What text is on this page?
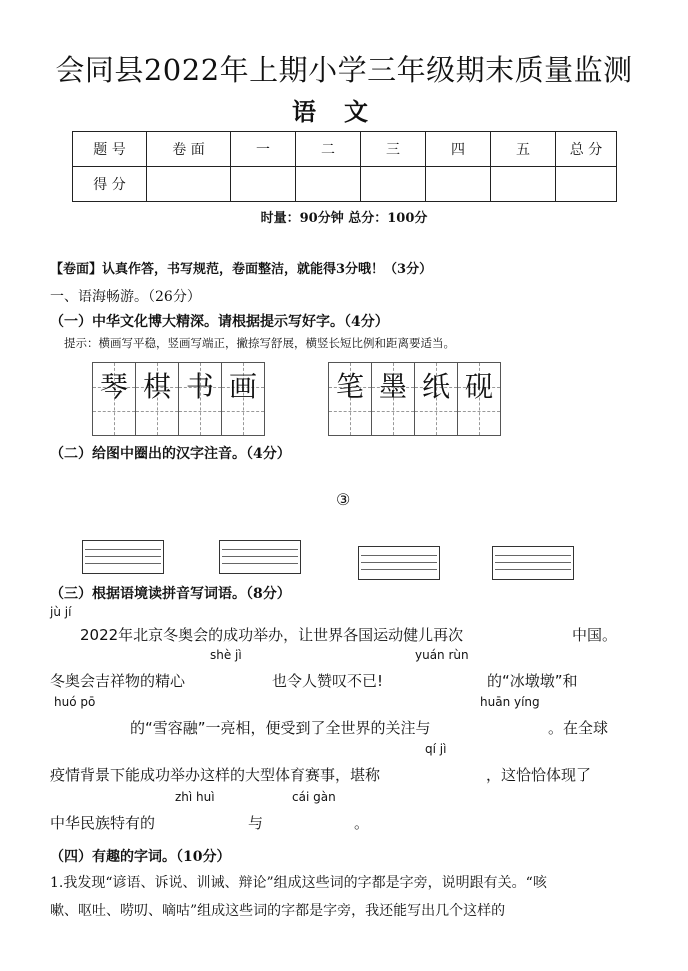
会同县2022年上期小学三年级期末质量监测
语文
题 号	卷 面	一	二	三	四	五	总 分
得 分							
时量：90分钟 总分：100分
【卷面】认真作答，书写规范，卷面整洁，就能得3分哦！（3分）
一、语海畅游。（26分）
（一）中华文化博大精深。请根据提示写好字。（4分）
提示：横画写平稳，竖画写端正，撇捺写舒展，横竖长短比例和距离要适当。
琴 棋 书 画	笔 墨 纸 砚
（二）给图中圈出的汉字注音。（4分）
③
（三）根据语境读拼音写词语。（8分）
jù jí
2022年北京冬奥会的成功举办，让世界各国运动健儿再次	中国。
shè jì	yuán rùn
冬奥会吉祥物的精心	也令人赞叹不已!	的“冰墩墩”和
huó pō	huān yíng
的“雪容融”一亮相，便受到了全世界的关注与	。在全球
qí jì
疫情背景下能成功举办这样的大型体育赛事，堪称	，这恰恰体现了
zhì huì	cái gàn
中华民族特有的	与	。
（四）有趣的字词。（10分）
1.我发现“谚语、诉说、训诫、辩论”组成这些词的字都是字旁，说明跟有关。“咳
嗽、呕吐、唠叨、嘀咕”组成这些词的字都是字旁，我还能写出几个这样的
